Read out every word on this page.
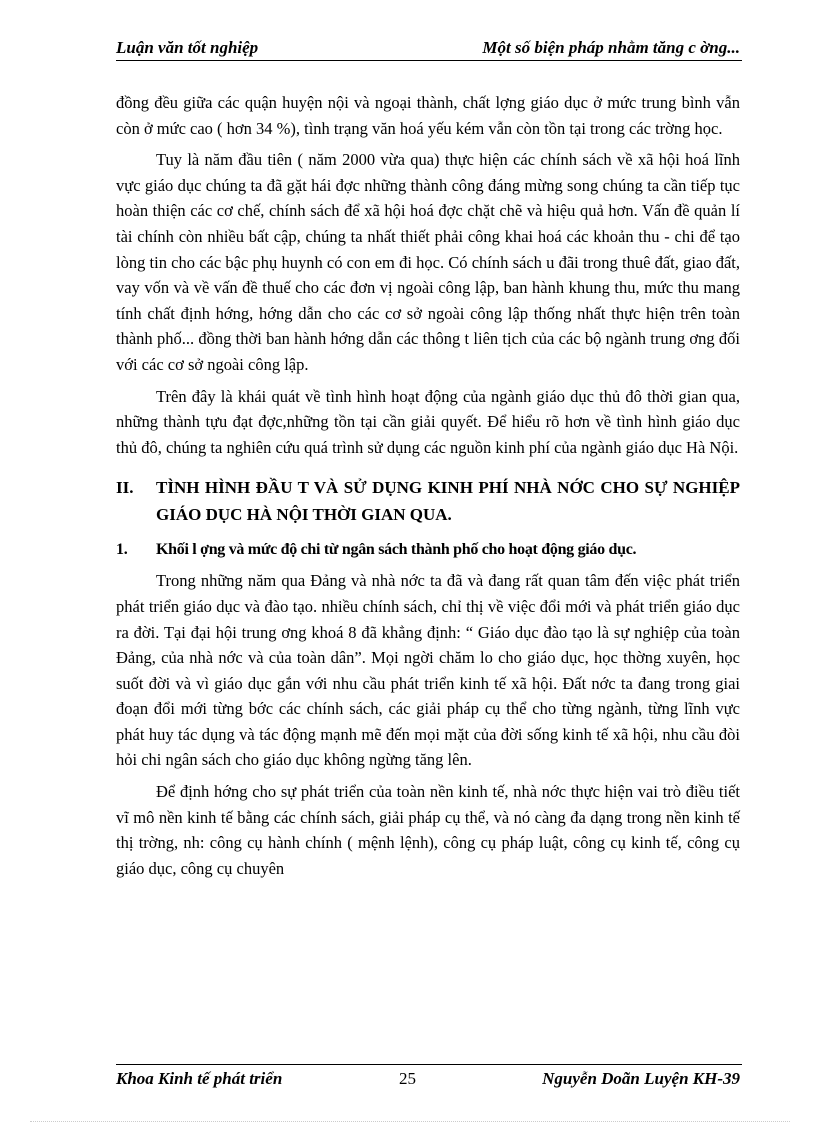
Luận văn tốt nghiệp	Một số biện pháp nhằm tăng c ờng...

đồng đều giữa các quận huyện nội và ngoại thành, chất lợng giáo dục ở mức trung bình vẫn còn ở mức cao ( hơn 34 %), tình trạng văn hoá yếu kém vẫn còn tồn tại trong các trờng học.

Tuy là năm đầu tiên ( năm 2000 vừa qua) thực hiện các chính sách về xã hội hoá lĩnh vực giáo dục chúng ta đã gặt hái đợc những thành công đáng mừng song chúng ta cần tiếp tục hoàn thiện các cơ chế, chính sách để xã hội hoá đợc chặt chẽ và hiệu quả hơn. Vấn đề quản lí tài chính còn nhiều bất cập, chúng ta nhất thiết phải công khai hoá các khoản thu - chi để tạo lòng tin cho các bậc phụ huynh có con em đi học. Có chính sách u đãi trong thuê đất, giao đất, vay vốn và về vấn đề thuế cho các đơn vị ngoài công lập, ban hành khung thu, mức thu mang tính chất định hớng, hớng dẫn cho các cơ sở ngoài công lập thống nhất thực hiện trên toàn thành phố... đồng thời ban hành hớng dẫn các thông t liên tịch của các bộ ngành trung ơng đối với các cơ sở ngoài công lập.

Trên đây là khái quát về tình hình hoạt động của ngành giáo dục thủ đô thời gian qua, những thành tựu đạt đợc,những tồn tại cần giải quyết. Để hiểu rõ hơn về tình hình giáo dục thủ đô, chúng ta nghiên cứu quá trình sử dụng các nguồn kinh phí của ngành giáo dục Hà Nội.

II.	TÌNH HÌNH ĐẦU T VÀ SỬ DỤNG KINH PHÍ NHÀ NỚC CHO SỰ NGHIỆP GIÁO DỤC HÀ NỘI THỜI GIAN QUA.
1.	Khối l ợng và mức độ chi từ ngân sách thành phố cho hoạt động giáo dục.

Trong những năm qua Đảng và nhà nớc ta đã và đang rất quan tâm đến việc phát triển phát triển giáo dục và đào tạo. nhiều chính sách, chỉ thị về việc đổi mới và phát triển giáo dục ra đời. Tại đại hội trung ơng khoá 8 đã khẳng định: “ Giáo dục đào tạo là sự nghiệp của toàn Đảng, của nhà nớc và của toàn dân”. Mọi ngời chăm lo cho giáo dục, học thờng xuyên, học suốt đời và vì giáo dục gắn với nhu cầu phát triển kinh tế xã hội. Đất nớc ta đang trong giai đoạn đổi mới từng bớc các chính sách, các giải pháp cụ thể cho từng ngành, từng lĩnh vực phát huy tác dụng và tác động mạnh mẽ đến mọi mặt của đời sống kinh tế xã hội, nhu cầu đòi hỏi chi ngân sách cho giáo dục không ngừng tăng lên.

Để định hớng cho sự phát triển của toàn nền kinh tế, nhà nớc thực hiện vai trò điều tiết vĩ mô nền kinh tế bằng các chính sách, giải pháp cụ thể, và nó càng đa dạng trong nền kinh tế thị trờng, nh: công cụ hành chính ( mệnh lệnh), công cụ pháp luật, công cụ kinh tế, công cụ giáo dục, công cụ chuyên

Khoa Kinh tế phát triển	25	Nguyễn Doãn Luyện KH-39
